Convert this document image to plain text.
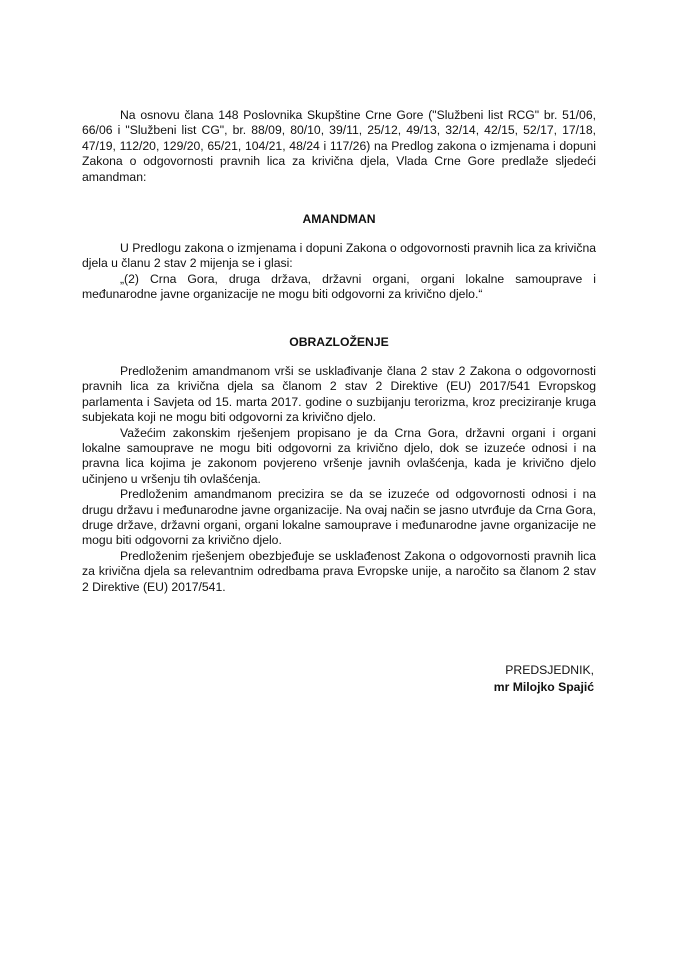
Na osnovu člana 148 Poslovnika Skupštine Crne Gore ("Službeni list RCG" br. 51/06, 66/06 i "Službeni list CG", br. 88/09, 80/10, 39/11, 25/12, 49/13, 32/14, 42/15, 52/17, 17/18, 47/19, 112/20, 129/20, 65/21, 104/21, 48/24 i 117/26) na Predlog zakona o izmjenama i dopuni Zakona o odgovornosti pravnih lica za krivična djela, Vlada Crne Gore predlaže sljedeći amandman:

AMANDMAN

U Predlogu zakona o izmjenama i dopuni Zakona o odgovornosti pravnih lica za krivična djela u članu 2 stav 2 mijenja se i glasi:

„(2) Crna Gora, druga država, državni organi, organi lokalne samouprave i međunarodne javne organizacije ne mogu biti odgovorni za krivično djelo.“

OBRAZLOŽENJE

Predloženim amandmanom vrši se usklađivanje člana 2 stav 2 Zakona o odgovornosti pravnih lica za krivična djela sa članom 2 stav 2 Direktive (EU) 2017/541 Evropskog parlamenta i Savjeta od 15. marta 2017. godine o suzbijanju terorizma, kroz preciziranje kruga subjekata koji ne mogu biti odgovorni za krivično djelo.

Važećim zakonskim rješenjem propisano je da Crna Gora, državni organi i organi lokalne samouprave ne mogu biti odgovorni za krivično djelo, dok se izuzeće odnosi i na pravna lica kojima je zakonom povjereno vršenje javnih ovlašćenja, kada je krivično djelo učinjeno u vršenju tih ovlašćenja.

Predloženim amandmanom precizira se da se izuzeće od odgovornosti odnosi i na drugu državu i međunarodne javne organizacije. Na ovaj način se jasno utvrđuje da Crna Gora, druge države, državni organi, organi lokalne samouprave i međunarodne javne organizacije ne mogu biti odgovorni za krivično djelo.

Predloženim rješenjem obezbjeđuje se usklađenost Zakona o odgovornosti pravnih lica za krivična djela sa relevantnim odredbama prava Evropske unije, a naročito sa članom 2 stav 2 Direktive (EU) 2017/541.

PREDSJEDNIK,
mr Milojko Spajić
